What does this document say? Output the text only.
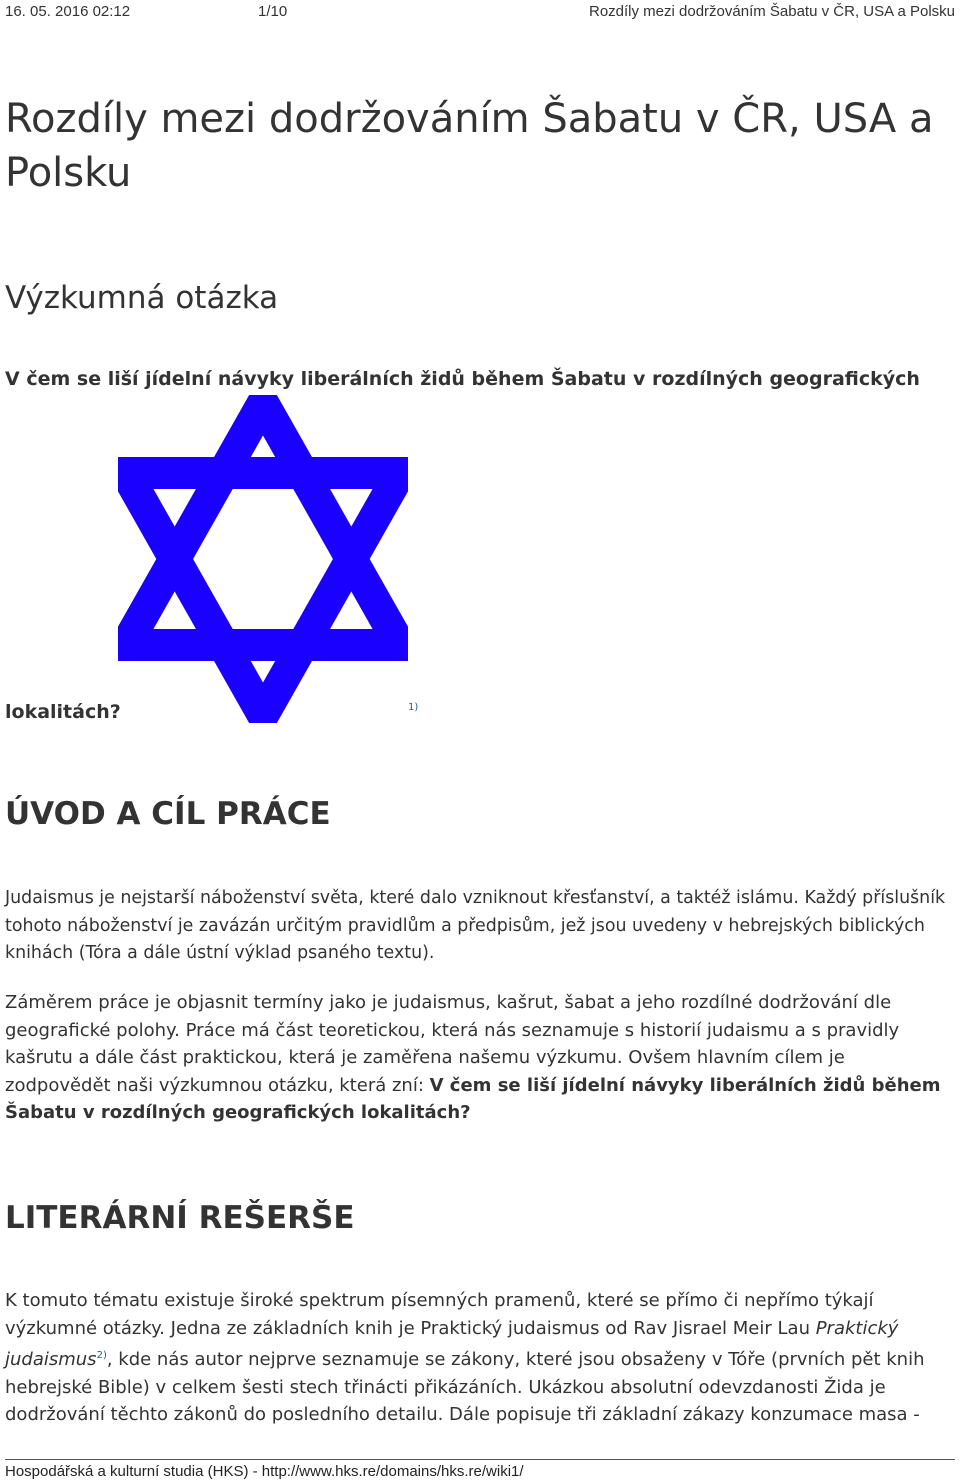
16. 05. 2016 02:12	1/10	Rozdíly mezi dodržováním Šabatu v ČR, USA a Polsku
Rozdíly mezi dodržováním Šabatu v ČR, USA a Polsku
Výzkumná otázka

V čem se liší jídelní návyky liberálních židů během Šabatu v rozdílných geografických

lokalitách?	1)
ÚVOD A CÍL PRÁCE

Judaismus je nejstarší náboženství světa, které dalo vzniknout křesťanství, a taktéž islámu. Každý příslušník tohoto náboženství je zavázán určitým pravidlům a předpisům, jež jsou uvedeny v hebrejských biblických knihách (Tóra a dále ústní výklad psaného textu).

Záměrem práce je objasnit termíny jako je judaismus, kašrut, šabat a jeho rozdílné dodržování dle geografické polohy. Práce má část teoretickou, která nás seznamuje s historií judaismu a s pravidly kašrutu a dále část praktickou, která je zaměřena našemu výzkumu. Ovšem hlavním cílem je zodpovědět naši výzkumnou otázku, která zní: V čem se liší jídelní návyky liberálních židů během Šabatu v rozdílných geografických lokalitách?

LITERÁRNÍ REŠERŠE

K tomuto tématu existuje široké spektrum písemných pramenů, které se přímo či nepřímo týkají výzkumné otázky. Jedna ze základních knih je Praktický judaismus od Rav Jisrael Meir Lau Praktický judaismus$^{2)}$, kde nás autor nejprve seznamuje se zákony, které jsou obsaženy v Tóře (prvních pět knih hebrejské Bible) v celkem šesti stech třinácti přikázáních. Ukázkou absolutní odevzdanosti Žida je dodržování těchto zákonů do posledního detailu. Dále popisuje tři základní zákazy konzumace masa -

Hospodářská a kulturní studia (HKS) - http://www.hks.re/domains/hks.re/wiki1/
